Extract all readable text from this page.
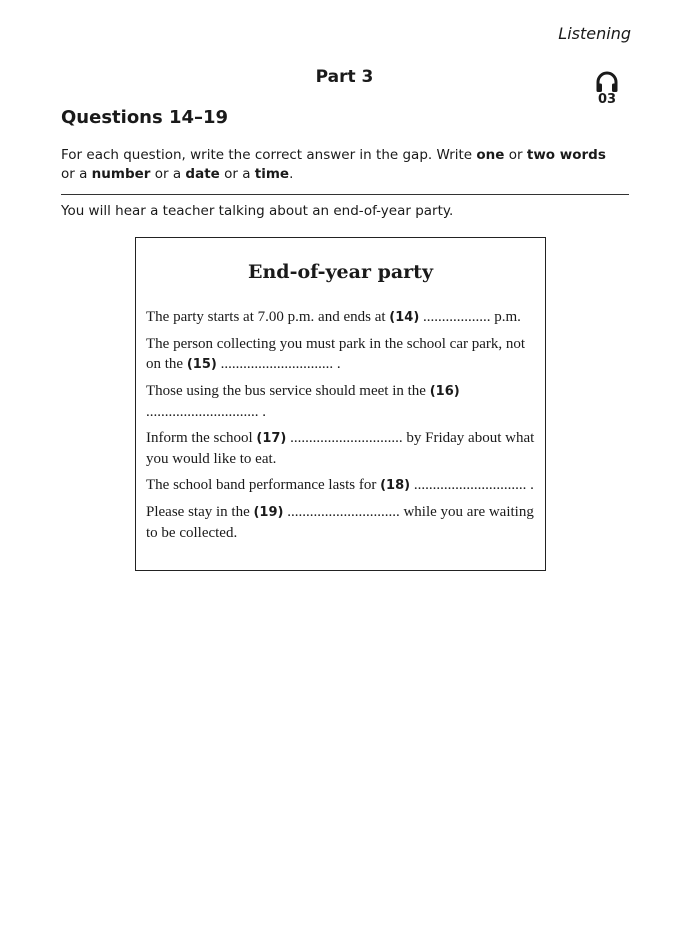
Listening
Part 3
03
Questions 14–19
For each question, write the correct answer in the gap. Write one or two words or a number or a date or a time.
You will hear a teacher talking about an end-of-year party.
End-of-year party
The party starts at 7.00 p.m. and ends at (14) .................. p.m.
The person collecting you must park in the school car park, not on the (15) .............................. .
Those using the bus service should meet in the (16) .............................. .
Inform the school (17) .............................. by Friday about what you would like to eat.
The school band performance lasts for (18) .............................. .
Please stay in the (19) .............................. while you are waiting to be collected.
